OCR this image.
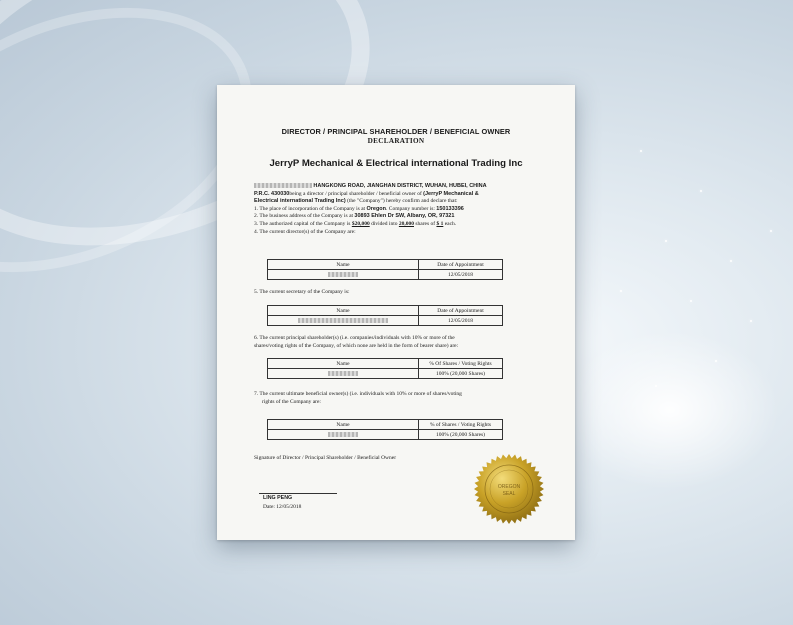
DIRECTOR / PRINCIPAL SHAREHOLDER / BENEFICIAL OWNER
DECLARATION
JerryP Mechanical & Electrical international Trading Inc
HANGKONG ROAD, JIANGHAN DISTRICT, WUHAN, HUBEI, CHINA
P.R.C. 430030being a director / principal shareholder / beneficial owner of (JerryP Mechanical &
Electrical international Trading Inc) (the "Company") hereby confirm and declare that:
1. The place of incorporation of the Company is at Oregon. Company number is: 150133396
2. The business address of the Company is at 30893 Ehlen Dr SW, Albany, OR, 97321
3. The authorized capital of the Company is $20,000 divided into 20,000 shares of $ 1 each.
4. The current director(s) of the Company are:
Name	Date of Appointment
	12/05/2018
5. The current secretary of the Company is:
Name	Date of Appointment
	12/05/2018
6. The current principal shareholder(s) (i.e. companies/individuals with 10% or more of the
shares/voting rights of the Company, of which none are held in the form of bearer share) are:
Name	% Of Shares / Voting Rights
	100% (20,000 Shares)
7. The current ultimate beneficial owner(s) (i.e. individuals with 10% or more of shares/voting
rights of the Company are:
Name	% of Shares / Voting Rights
	100% (20,000 Shares)
Signature of Director / Principal Shareholder / Beneficial Owner
LING PENG
Date: 12/05/2018
OREGON
SEAL
